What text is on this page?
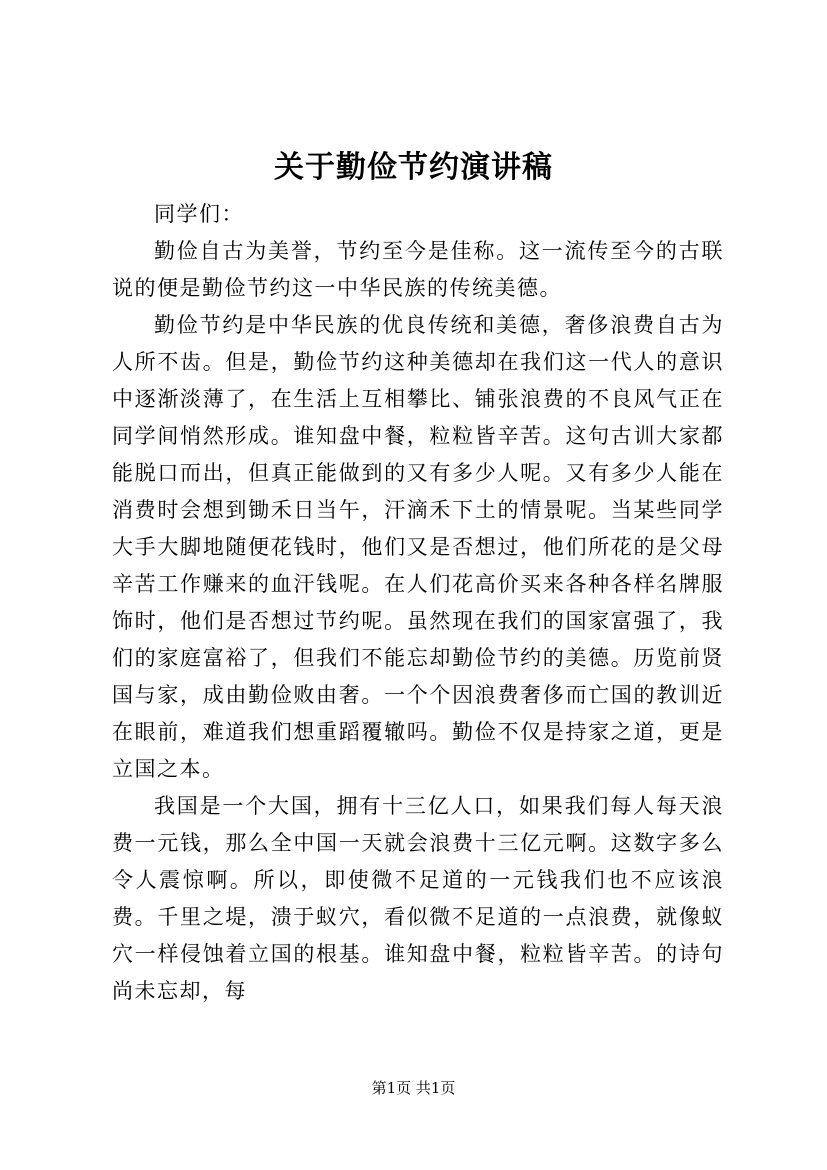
关于勤俭节约演讲稿

同学们：

勤俭自古为美誉，节约至今是佳称。这一流传至今的古联说的便是勤俭节约这一中华民族的传统美德。

勤俭节约是中华民族的优良传统和美德，奢侈浪费自古为人所不齿。但是，勤俭节约这种美德却在我们这一代人的意识中逐渐淡薄了，在生活上互相攀比、铺张浪费的不良风气正在同学间悄然形成。谁知盘中餐，粒粒皆辛苦。这句古训大家都能脱口而出，但真正能做到的又有多少人呢。又有多少人能在消费时会想到锄禾日当午，汗滴禾下土的情景呢。当某些同学大手大脚地随便花钱时，他们又是否想过，他们所花的是父母辛苦工作赚来的血汗钱呢。在人们花高价买来各种各样名牌服饰时，他们是否想过节约呢。虽然现在我们的国家富强了，我们的家庭富裕了，但我们不能忘却勤俭节约的美德。历览前贤国与家，成由勤俭败由奢。一个个因浪费奢侈而亡国的教训近在眼前，难道我们想重蹈覆辙吗。勤俭不仅是持家之道，更是立国之本。

我国是一个大国，拥有十三亿人口，如果我们每人每天浪费一元钱，那么全中国一天就会浪费十三亿元啊。这数字多么令人震惊啊。所以，即使微不足道的一元钱我们也不应该浪费。千里之堤，溃于蚁穴，看似微不足道的一点浪费，就像蚁穴一样侵蚀着立国的根基。谁知盘中餐，粒粒皆辛苦。的诗句尚未忘却，每

第1页 共1页
